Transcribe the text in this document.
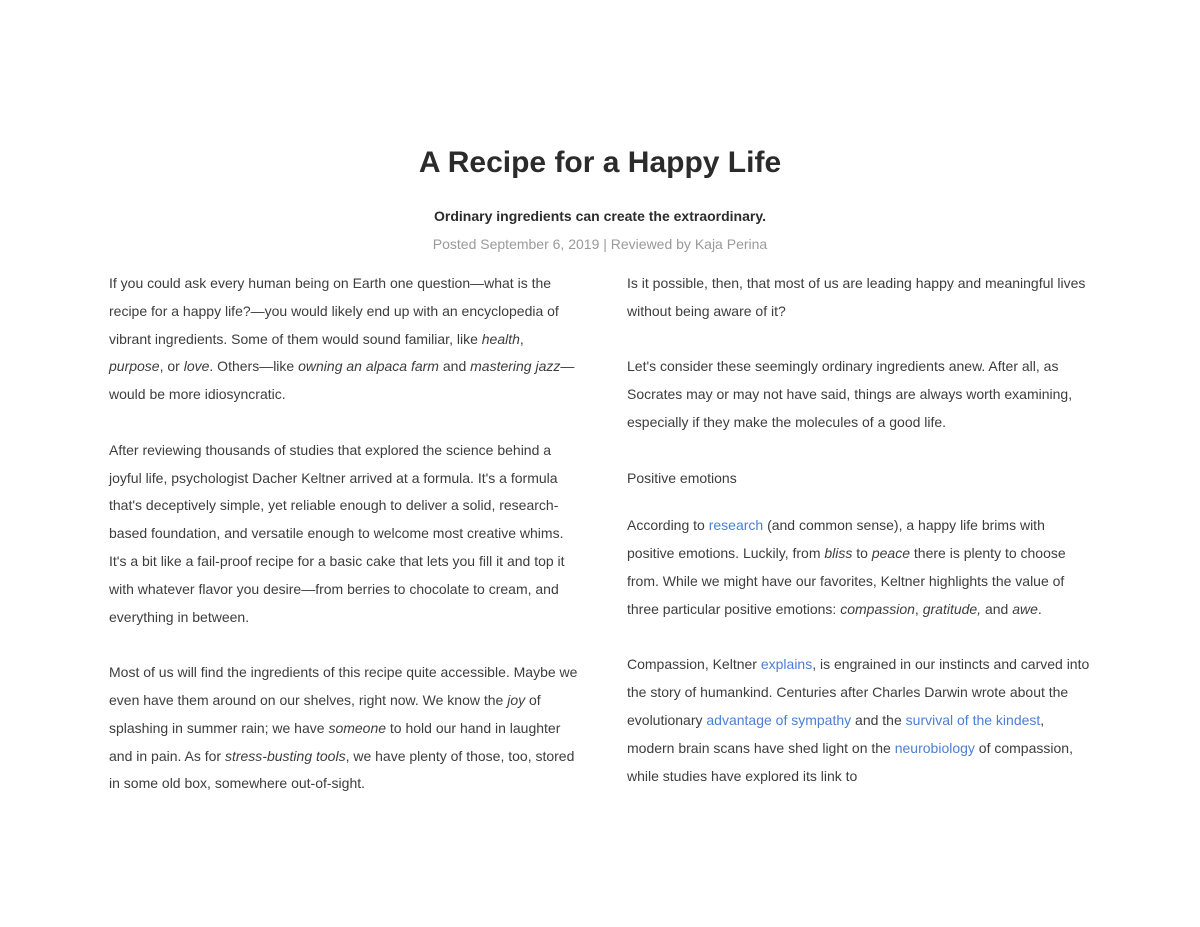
A Recipe for a Happy Life

Ordinary ingredients can create the extraordinary.

Posted September 6, 2019 | Reviewed by Kaja Perina

If you could ask every human being on Earth one question—what is the recipe for a happy life?—you would likely end up with an encyclopedia of vibrant ingredients. Some of them would sound familiar, like health, purpose, or love. Others—like owning an alpaca farm and mastering jazz—would be more idiosyncratic.

After reviewing thousands of studies that explored the science behind a joyful life, psychologist Dacher Keltner arrived at a formula. It's a formula that's deceptively simple, yet reliable enough to deliver a solid, research-based foundation, and versatile enough to welcome most creative whims. It's a bit like a fail-proof recipe for a basic cake that lets you fill it and top it with whatever flavor you desire—from berries to chocolate to cream, and everything in between.

Most of us will find the ingredients of this recipe quite accessible. Maybe we even have them around on our shelves, right now. We know the joy of splashing in summer rain; we have someone to hold our hand in laughter and in pain. As for stress-busting tools, we have plenty of those, too, stored in some old box, somewhere out-of-sight.

Is it possible, then, that most of us are leading happy and meaningful lives without being aware of it?

Let's consider these seemingly ordinary ingredients anew. After all, as Socrates may or may not have said, things are always worth examining, especially if they make the molecules of a good life.

Positive emotions

According to research (and common sense), a happy life brims with positive emotions. Luckily, from bliss to peace there is plenty to choose from. While we might have our favorites, Keltner highlights the value of three particular positive emotions: compassion, gratitude, and awe.

Compassion, Keltner explains, is engrained in our instincts and carved into the story of humankind. Centuries after Charles Darwin wrote about the evolutionary advantage of sympathy and the survival of the kindest, modern brain scans have shed light on the neurobiology of compassion, while studies have explored its link to
